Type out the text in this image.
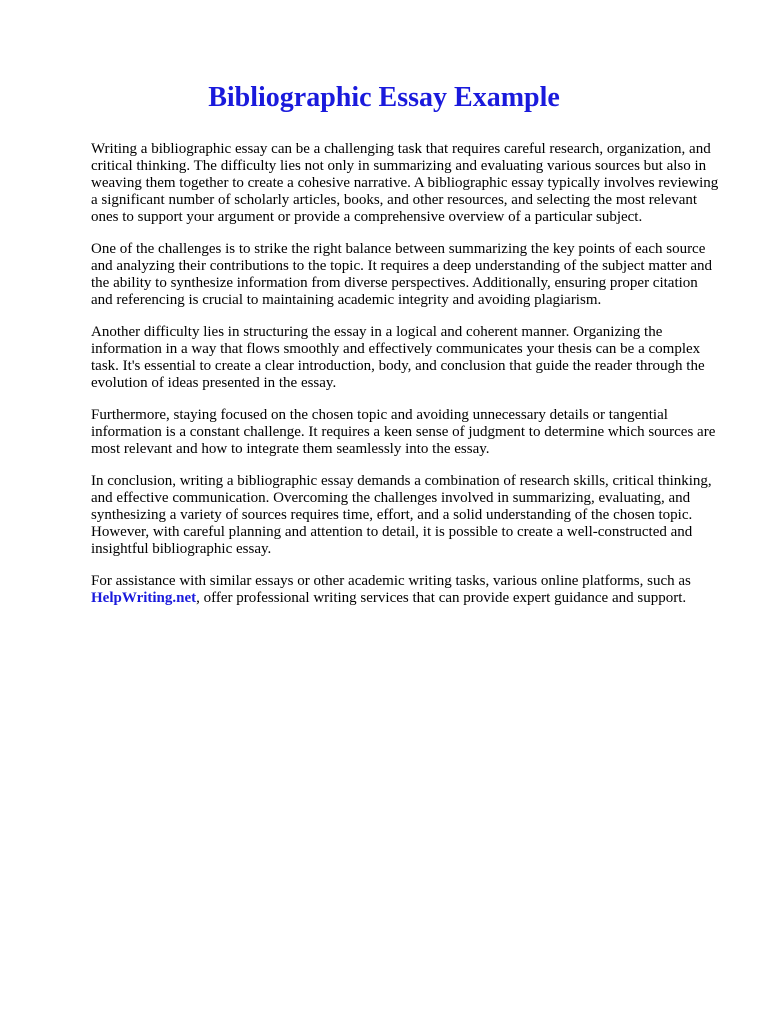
Bibliographic Essay Example

Writing a bibliographic essay can be a challenging task that requires careful research, organization, and critical thinking. The difficulty lies not only in summarizing and evaluating various sources but also in weaving them together to create a cohesive narrative. A bibliographic essay typically involves reviewing a significant number of scholarly articles, books, and other resources, and selecting the most relevant ones to support your argument or provide a comprehensive overview of a particular subject.

One of the challenges is to strike the right balance between summarizing the key points of each source and analyzing their contributions to the topic. It requires a deep understanding of the subject matter and the ability to synthesize information from diverse perspectives. Additionally, ensuring proper citation and referencing is crucial to maintaining academic integrity and avoiding plagiarism.

Another difficulty lies in structuring the essay in a logical and coherent manner. Organizing the information in a way that flows smoothly and effectively communicates your thesis can be a complex task. It's essential to create a clear introduction, body, and conclusion that guide the reader through the evolution of ideas presented in the essay.

Furthermore, staying focused on the chosen topic and avoiding unnecessary details or tangential information is a constant challenge. It requires a keen sense of judgment to determine which sources are most relevant and how to integrate them seamlessly into the essay.

In conclusion, writing a bibliographic essay demands a combination of research skills, critical thinking, and effective communication. Overcoming the challenges involved in summarizing, evaluating, and synthesizing a variety of sources requires time, effort, and a solid understanding of the chosen topic. However, with careful planning and attention to detail, it is possible to create a well-constructed and insightful bibliographic essay.

For assistance with similar essays or other academic writing tasks, various online platforms, such as HelpWriting.net, offer professional writing services that can provide expert guidance and support.
